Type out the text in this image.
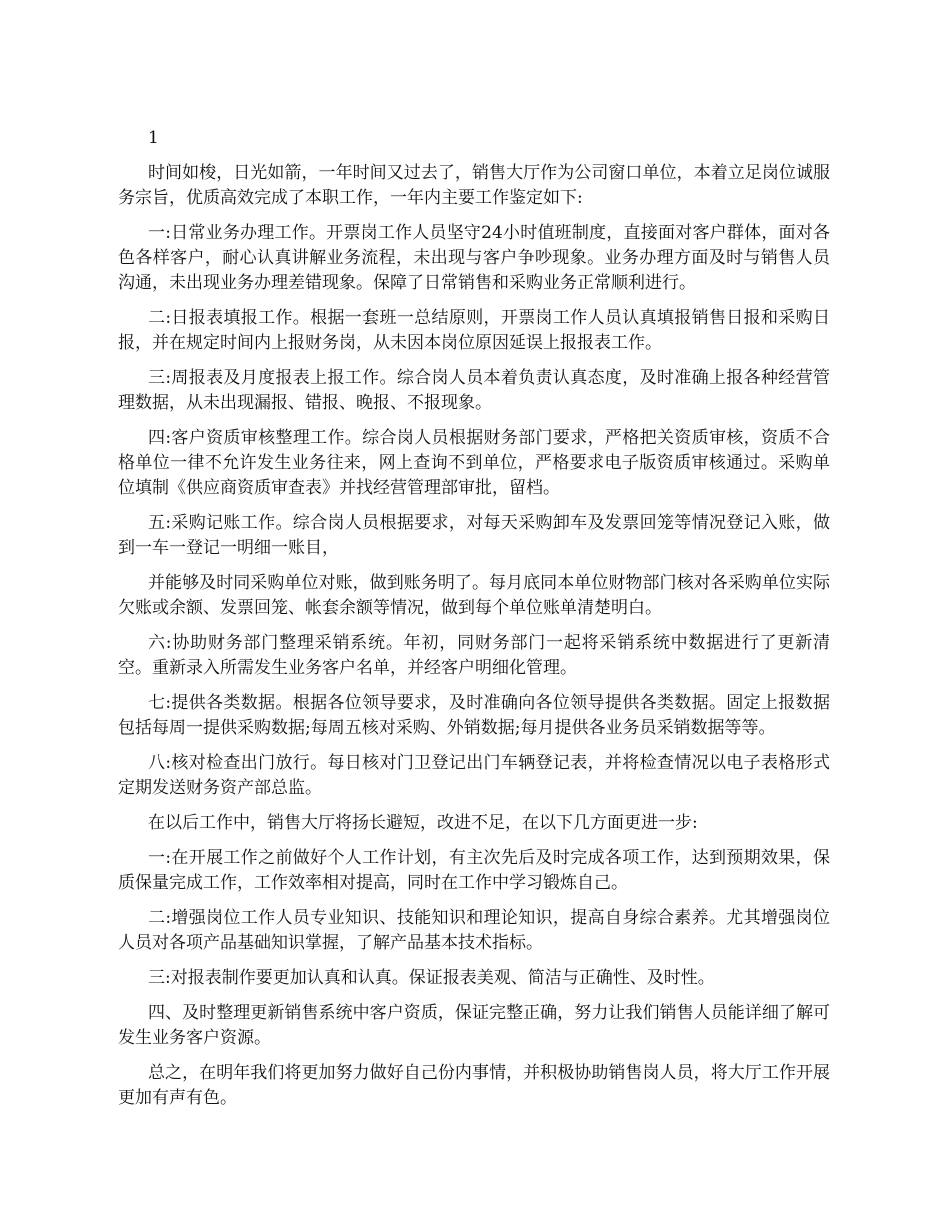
1

时间如梭，日光如箭，一年时间又过去了，销售大厅作为公司窗口单位，本着立足岗位诚服务宗旨，优质高效完成了本职工作，一年内主要工作鉴定如下:

一:日常业务办理工作。开票岗工作人员坚守24小时值班制度，直接面对客户群体，面对各色各样客户，耐心认真讲解业务流程，未出现与客户争吵现象。业务办理方面及时与销售人员沟通，未出现业务办理差错现象。保障了日常销售和采购业务正常顺利进行。

二:日报表填报工作。根据一套班一总结原则，开票岗工作人员认真填报销售日报和采购日报，并在规定时间内上报财务岗，从未因本岗位原因延误上报报表工作。

三:周报表及月度报表上报工作。综合岗人员本着负责认真态度，及时准确上报各种经营管理数据，从未出现漏报、错报、晚报、不报现象。

四:客户资质审核整理工作。综合岗人员根据财务部门要求，严格把关资质审核，资质不合格单位一律不允许发生业务往来，网上查询不到单位，严格要求电子版资质审核通过。采购单位填制《供应商资质审查表》并找经营管理部审批，留档。

五:采购记账工作。综合岗人员根据要求，对每天采购卸车及发票回笼等情况登记入账，做到一车一登记一明细一账目，

并能够及时同采购单位对账，做到账务明了。每月底同本单位财物部门核对各采购单位实际欠账或余额、发票回笼、帐套余额等情况，做到每个单位账单清楚明白。

六:协助财务部门整理采销系统。年初，同财务部门一起将采销系统中数据进行了更新清空。重新录入所需发生业务客户名单，并经客户明细化管理。

七:提供各类数据。根据各位领导要求，及时准确向各位领导提供各类数据。固定上报数据包括每周一提供采购数据;每周五核对采购、外销数据;每月提供各业务员采销数据等等。

八:核对检查出门放行。每日核对门卫登记出门车辆登记表，并将检查情况以电子表格形式定期发送财务资产部总监。

在以后工作中，销售大厅将扬长避短，改进不足，在以下几方面更进一步:

一:在开展工作之前做好个人工作计划，有主次先后及时完成各项工作，达到预期效果，保质保量完成工作，工作效率相对提高，同时在工作中学习锻炼自己。

二:增强岗位工作人员专业知识、技能知识和理论知识，提高自身综合素养。尤其增强岗位人员对各项产品基础知识掌握，了解产品基本技术指标。

三:对报表制作要更加认真和认真。保证报表美观、简洁与正确性、及时性。

四、及时整理更新销售系统中客户资质，保证完整正确，努力让我们销售人员能详细了解可发生业务客户资源。

总之，在明年我们将更加努力做好自己份内事情，并积极协助销售岗人员，将大厅工作开展更加有声有色。
